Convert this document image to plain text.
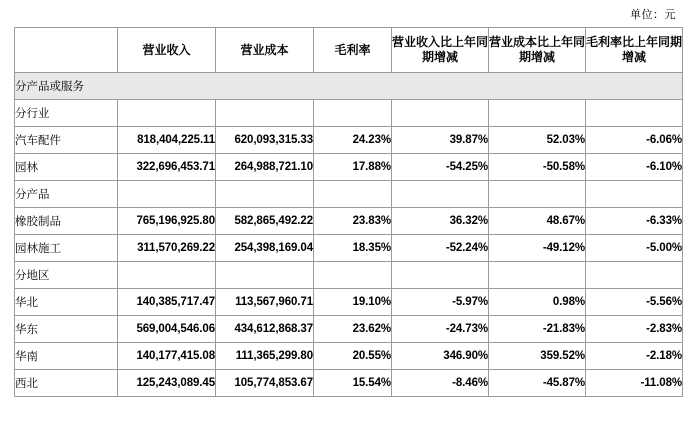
单位：元
	营业收入	营业成本	毛利率	营业收入比上年同期增减	营业成本比上年同期增减	毛利率比上年同期增减
分产品或服务						
分行业						
汽车配件	818,404,225.11	620,093,315.33	24.23%	39.87%	52.03%	-6.06%
园林	322,696,453.71	264,988,721.10	17.88%	-54.25%	-50.58%	-6.10%
分产品						
橡胶制品	765,196,925.80	582,865,492.22	23.83%	36.32%	48.67%	-6.33%
园林施工	311,570,269.22	254,398,169.04	18.35%	-52.24%	-49.12%	-5.00%
分地区						
华北	140,385,717.47	113,567,960.71	19.10%	-5.97%	0.98%	-5.56%
华东	569,004,546.06	434,612,868.37	23.62%	-24.73%	-21.83%	-2.83%
华南	140,177,415.08	111,365,299.80	20.55%	346.90%	359.52%	-2.18%
西北	125,243,089.45	105,774,853.67	15.54%	-8.46%	-45.87%	-11.08%
